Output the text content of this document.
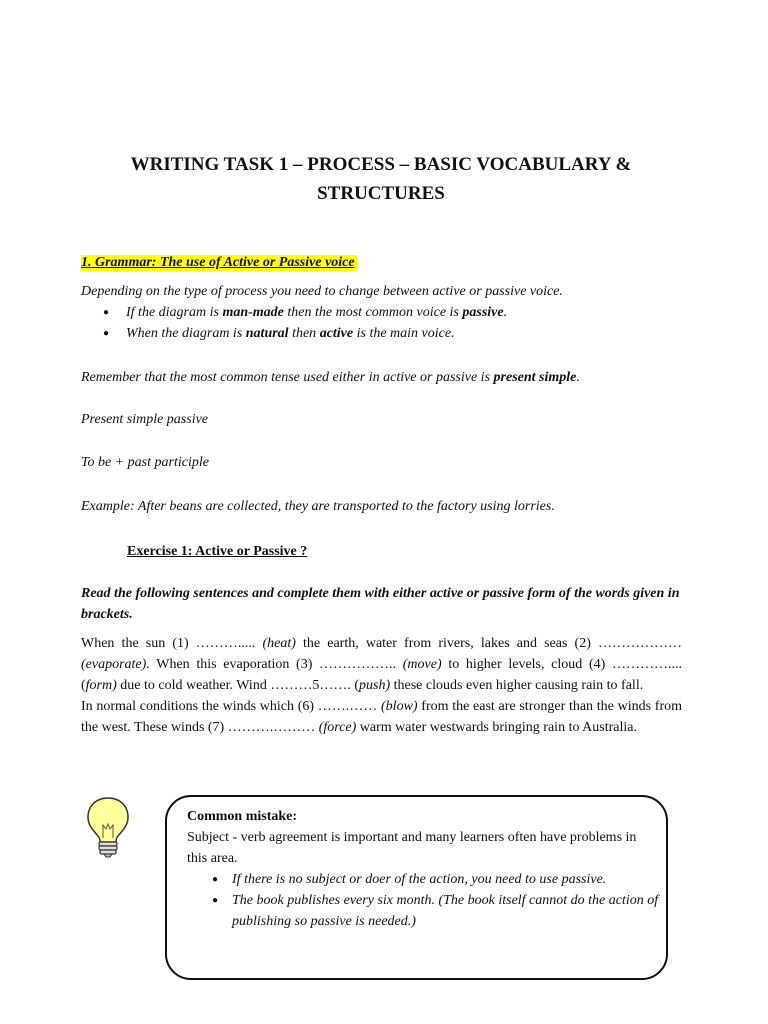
WRITING TASK 1 – PROCESS – BASIC VOCABULARY & STRUCTURES
1. Grammar: The use of Active or Passive voice
Depending on the type of process you need to change between active or passive voice.
● If the diagram is man-made then the most common voice is passive.
● When the diagram is natural then active is the main voice.
Remember that the most common tense used either in active or passive is present simple.
Present simple passive
To be + past participle
Example: After beans are collected, they are transported to the factory using lorries.
Exercise 1: Active or Passive ?
Read the following sentences and complete them with either active or passive form of the words given in brackets.

When the sun (1) ………..... (heat) the earth, water from rivers, lakes and seas (2) ……………… (evaporate). When this evaporation (3) …………….. (move) to higher levels, cloud (4) ………….... (form) due to cold weather. Wind ………5……. (push) these clouds even higher causing rain to fall.

In normal conditions the winds which (6) …….…… (blow) from the east are stronger than the winds from the west. These winds (7) ……….……… (force) warm water westwards bringing rain to Australia.

Common mistake:
Subject - verb agreement is important and many learners often have problems in this area.
● If there is no subject or doer of the action, you need to use passive.
● The book publishes every six month. (The book itself cannot do the action of publishing so passive is needed.)
